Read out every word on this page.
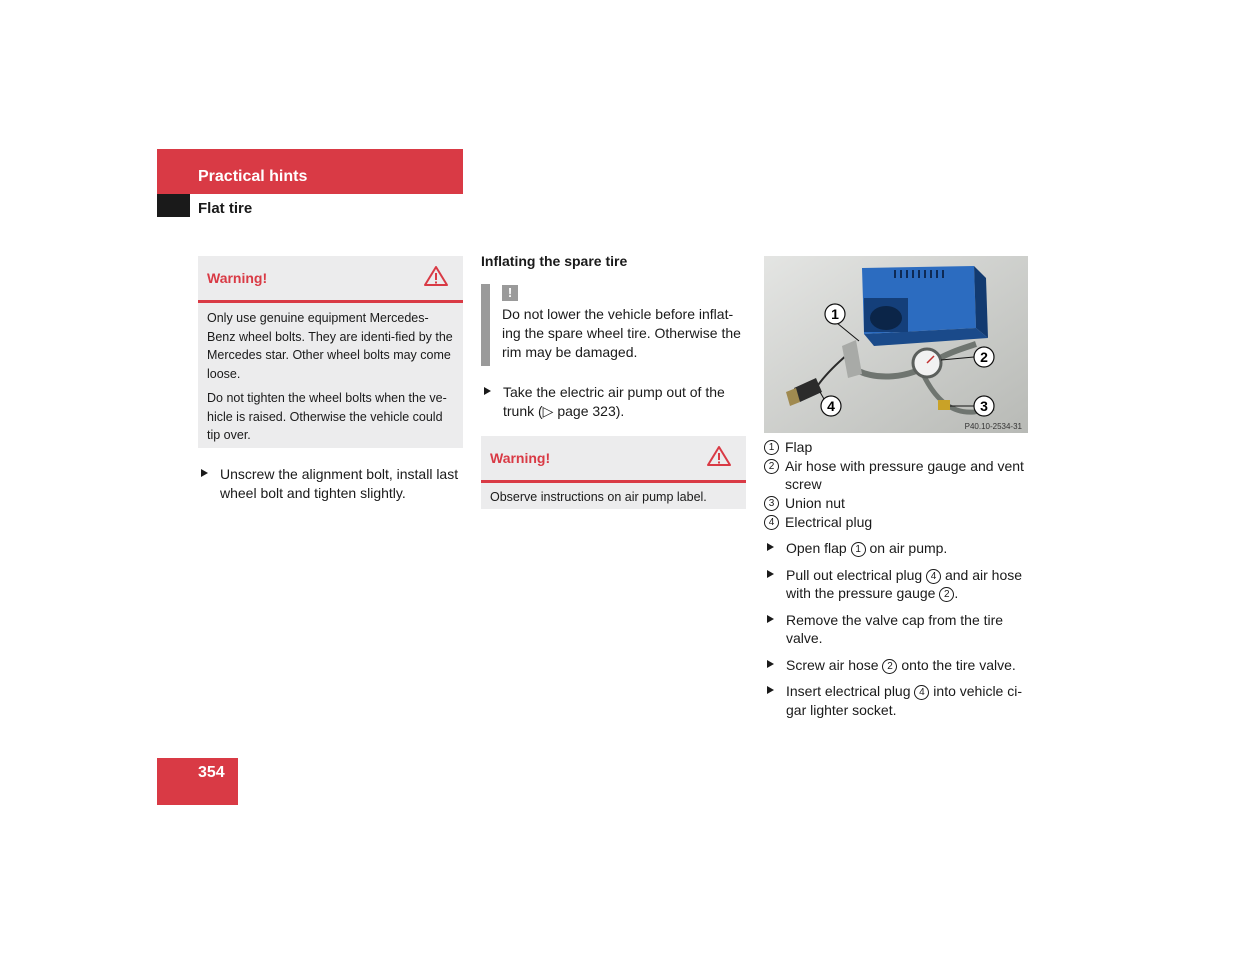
Practical hints
Flat tire
Warning!

Only use genuine equipment Mercedes-Benz wheel bolts. They are identi-fied by the Mercedes star. Other wheel bolts may come loose.

Do not tighten the wheel bolts when the ve-hicle is raised. Otherwise the vehicle could tip over.

Unscrew the alignment bolt, install last wheel bolt and tighten slightly.

Inflating the spare tire
!
Do not lower the vehicle before inflat-ing the spare wheel tire. Otherwise the rim may be damaged.

Take the electric air pump out of the trunk (▷ page 323).

Warning!

Observe instructions on air pump label.

1
2
3
4
P40.10-2534-31
1 Flap
2 Air hose with pressure gauge and vent screw
3 Union nut
4 Electrical plug

Open flap 1 on air pump.

Pull out electrical plug 4 and air hose with the pressure gauge 2 .

Remove the valve cap from the tire valve.

Screw air hose 2 onto the tire valve.

Insert electrical plug 4 into vehicle ci-gar lighter socket.

354
